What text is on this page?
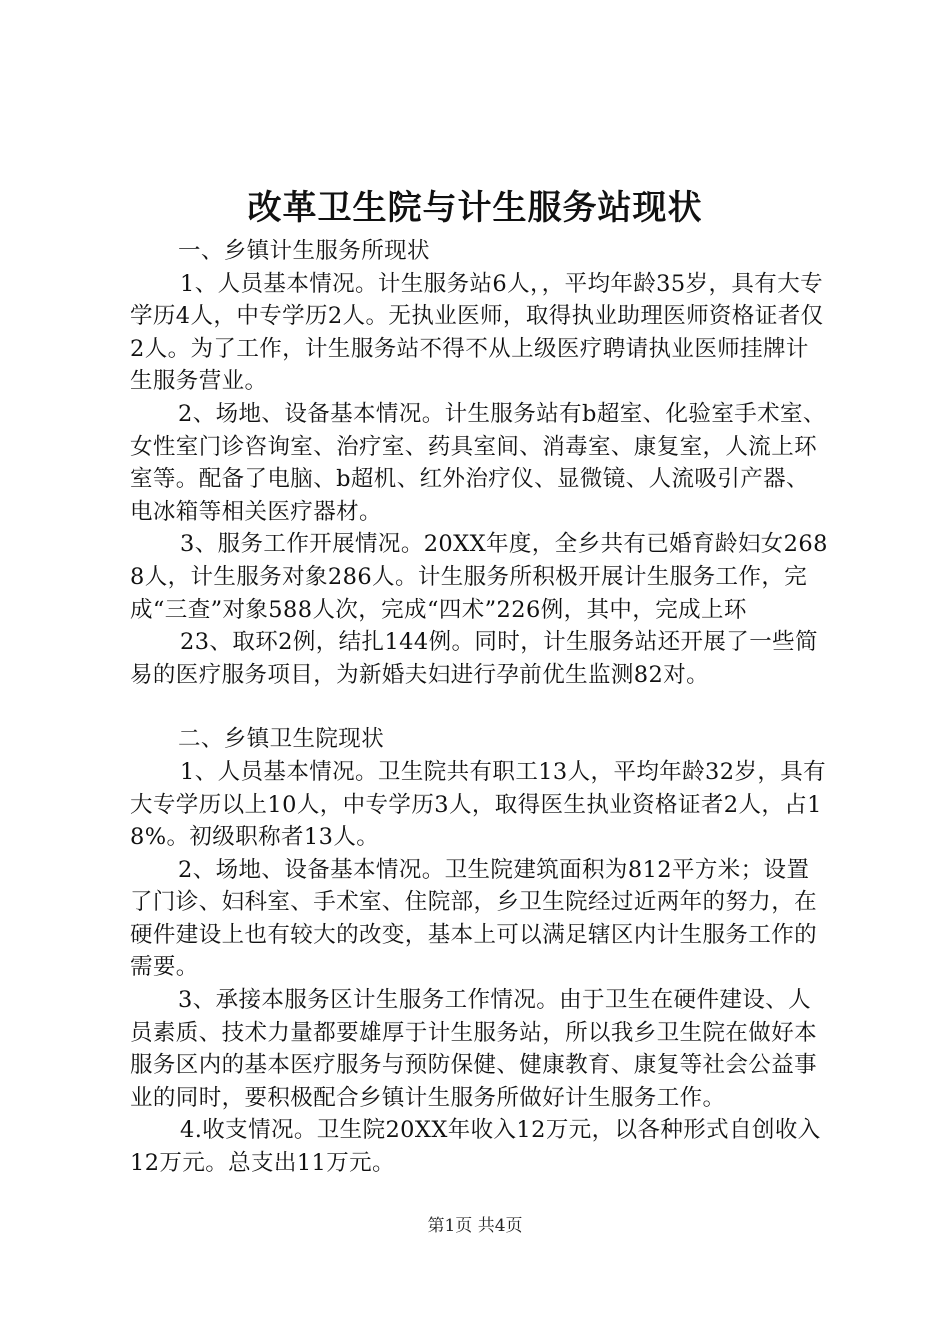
改革卫生院与计生服务站现状

一、乡镇计生服务所现状

1、人员基本情况。计生服务站6人，，平均年龄35岁，具有大专学历4人，中专学历2人。无执业医师，取得执业助理医师资格证者仅2人。为了工作，计生服务站不得不从上级医疗聘请执业医师挂牌计生服务营业。

2、场地、设备基本情况。计生服务站有b超室、化验室手术室、女性室门诊咨询室、治疗室、药具室间、消毒室、康复室，人流上环室等。配备了电脑、b超机、红外治疗仪、显微镜、人流吸引产器、电冰箱等相关医疗器材。

3、服务工作开展情况。20XX年度，全乡共有已婚育龄妇女2688人，计生服务对象286人。计生服务所积极开展计生服务工作，完成“三查”对象588人次，完成“四术”226例，其中，完成上环

23、取环2例，结扎144例。同时，计生服务站还开展了一些简易的医疗服务项目，为新婚夫妇进行孕前优生监测82对。

二、乡镇卫生院现状

1、人员基本情况。卫生院共有职工13人，平均年龄32岁，具有大专学历以上10人，中专学历3人，取得医生执业资格证者2人，占18%。初级职称者13人。

2、场地、设备基本情况。卫生院建筑面积为812平方米；设置了门诊、妇科室、手术室、住院部，乡卫生院经过近两年的努力，在硬件建设上也有较大的改变，基本上可以满足辖区内计生服务工作的需要。

3、承接本服务区计生服务工作情况。由于卫生在硬件建设、人员素质、技术力量都要雄厚于计生服务站，所以我乡卫生院在做好本服务区内的基本医疗服务与预防保健、健康教育、康复等社会公益事业的同时，要积极配合乡镇计生服务所做好计生服务工作。

4.收支情况。卫生院20XX年收入12万元，以各种形式自创收入12万元。总支出11万元。

第1页 共4页
